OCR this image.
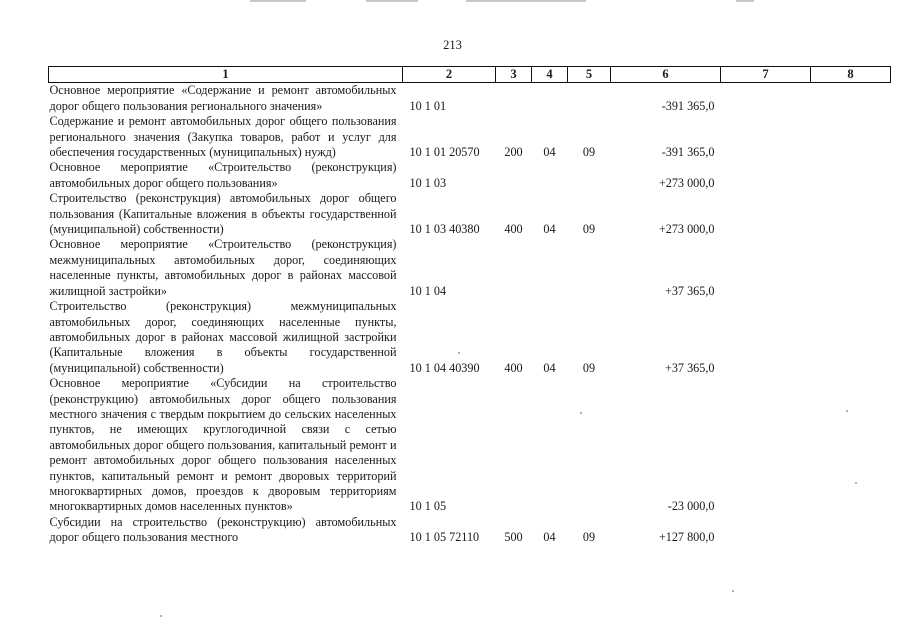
213
1	2	3	4	5	6	7	8
Основное мероприятие «Содержание и ремонт автомобильных дорог общего пользования регионального значения»	10 1 01				-391 365,0		
Содержание и ремонт автомобильных дорог общего пользования регионального значения (Закупка товаров, работ и услуг для обеспечения государственных (муниципальных) нужд)	10 1 01 20570	200	04	09	-391 365,0		
Основное мероприятие «Строительство (реконструкция) автомобильных дорог общего пользования»	10 1 03				+273 000,0		
Строительство (реконструкция) автомобильных дорог общего пользования (Капитальные вложения в объекты государственной (муниципальной) собственности)	10 1 03 40380	400	04	09	+273 000,0		
Основное мероприятие «Строительство (реконструкция) межмуниципальных автомобильных дорог, соединяющих населенные пункты, автомобильных дорог в районах массовой жилищной застройки»	10 1 04				+37 365,0		
Строительство (реконструкция) межмуниципальных автомобильных дорог, соединяющих населенные пункты, автомобильных дорог в районах массовой жилищной застройки (Капитальные вложения в объекты государственной (муниципальной) собственности)	10 1 04 40390	400	04	09	+37 365,0		
Основное мероприятие «Субсидии на строительство (реконструкцию) автомобильных дорог общего пользования местного значения с твердым покрытием до сельских населенных пунктов, не имеющих круглогодичной связи с сетью автомобильных дорог общего пользования, капитальный ремонт и ремонт автомобильных дорог общего пользования населенных пунктов, капитальный ремонт и ремонт дворовых территорий многоквартирных домов, проездов к дворовым территориям многоквартирных домов населенных пунктов»	10 1 05				-23 000,0		
Субсидии на строительство (реконструкцию) автомобильных дорог общего пользования местного	10 1 05 72110	500	04	09	+127 800,0		
